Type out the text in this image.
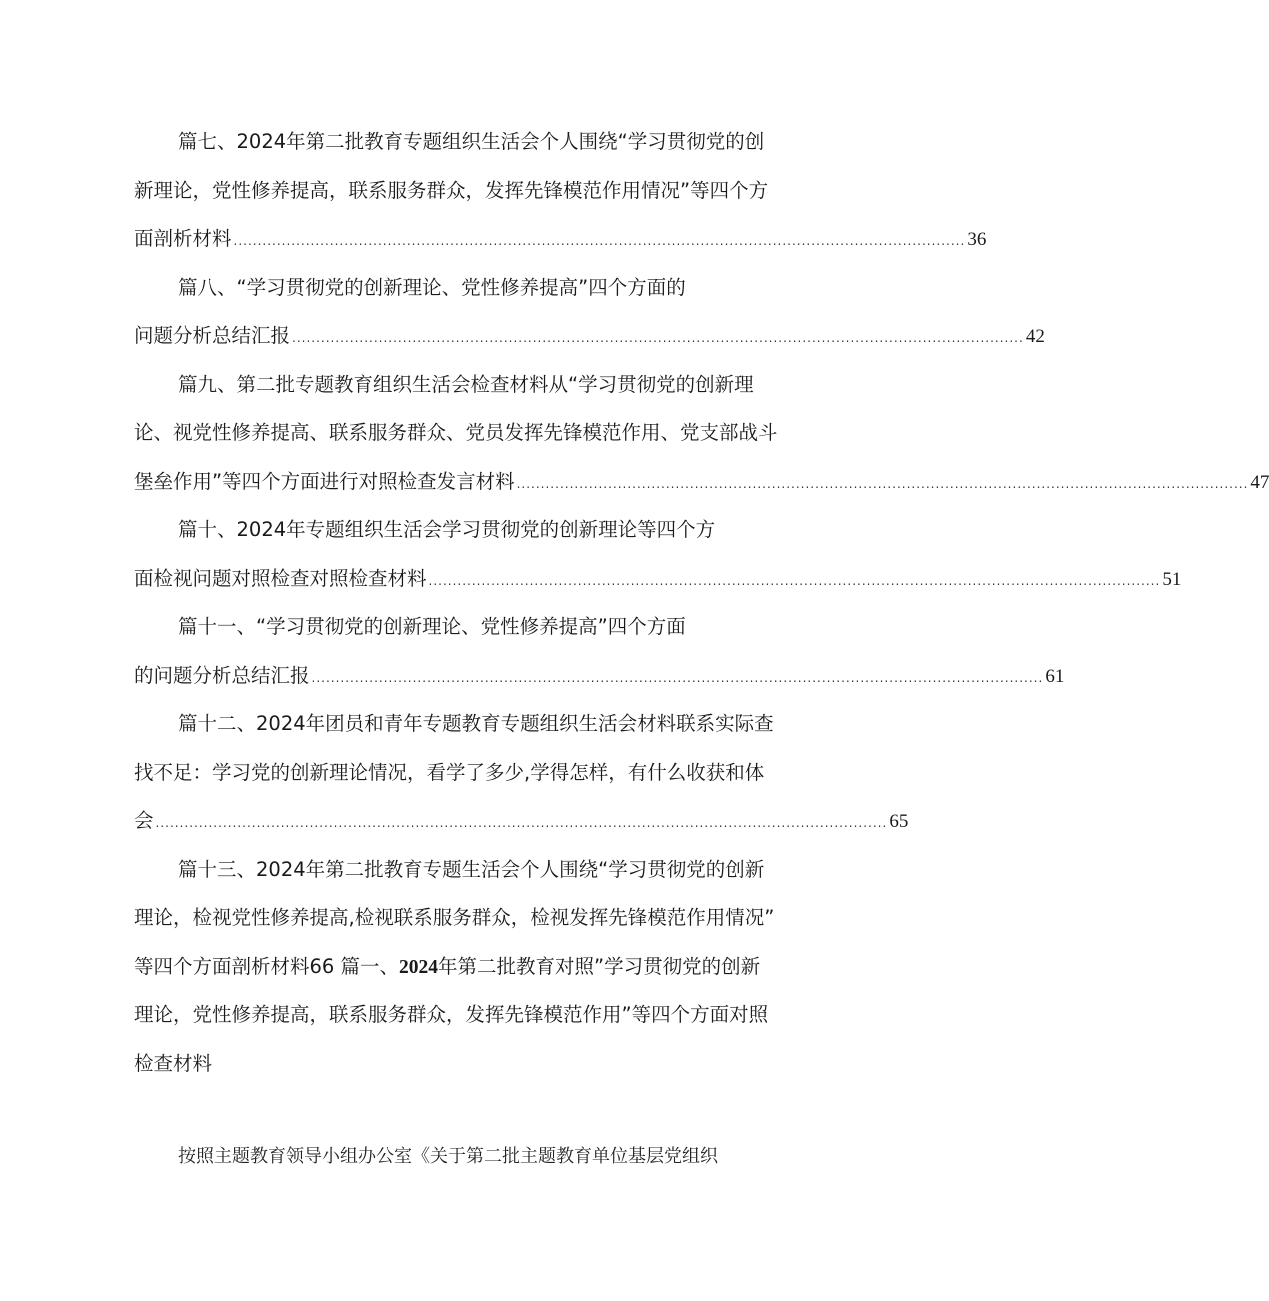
篇七、2024年第二批教育专题组织生活会个人围绕“学习贯彻党的创
新理论，党性修养提高，联系服务群众，发挥先锋模范作用情况”等四个方
面剖析材料 ........................................................................................................................................................ 36
篇八、“学习贯彻党的创新理论、党性修养提高”四个方面的
问题分析总结汇报 ........................................................................................................................................................ 42
篇九、第二批专题教育组织生活会检查材料从“学习贯彻党的创新理
论、视党性修养提高、联系服务群众、党员发挥先锋模范作用、党支部战斗
堡垒作用”等四个方面进行对照检查发言材料 ........................................................................................................................................................ 47
篇十、2024年专题组织生活会学习贯彻党的创新理论等四个方
面检视问题对照检查对照检查材料 ........................................................................................................................................................ 51
篇十一、“学习贯彻党的创新理论、党性修养提高”四个方面
的问题分析总结汇报 ........................................................................................................................................................ 61
篇十二、2024年团员和青年专题教育专题组织生活会材料联系实际查
找不足：学习党的创新理论情况，看学了多少,学得怎样，有什么收获和体
会 ........................................................................................................................................................ 65
篇十三、2024年第二批教育专题生活会个人围绕“学习贯彻党的创新
理论，检视党性修养提高,检视联系服务群众，检视发挥先锋模范作用情况”
等四个方面剖析材料66 篇一、2024年第二批教育对照”学习贯彻党的创新
理论，党性修养提高，联系服务群众，发挥先锋模范作用”等四个方面对照
检查材料
按照主题教育领导小组办公室《关于第二批主题教育单位基层党组织
